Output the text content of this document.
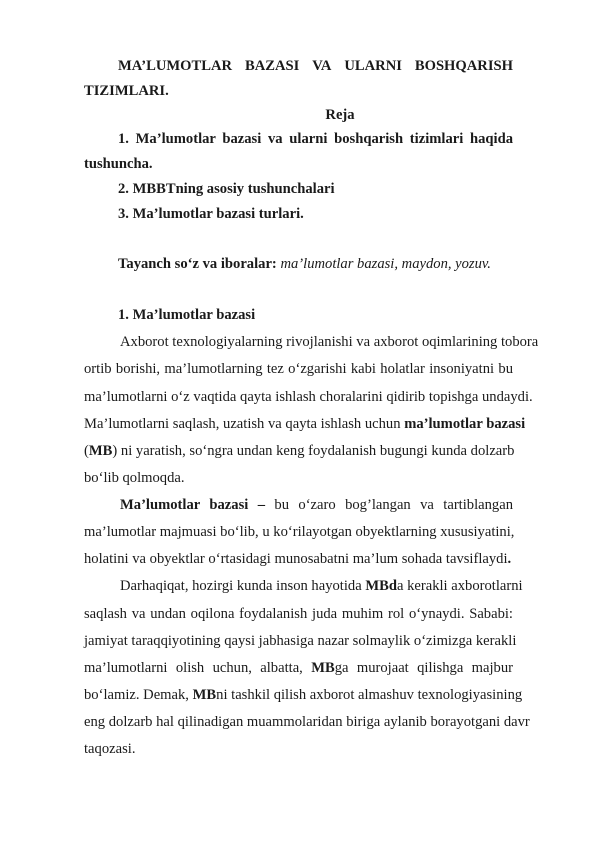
MA’LUMOTLAR BAZASI VA ULARNI BOSHQARISH
TIZIMLARI.
Reja
1. Ma’lumotlar bazasi va ularni boshqarish tizimlari haqida
tushuncha.
2. MBBTning asosiy tushunchalari
3. Ma’lumotlar bazasi turlari.
Tayanch so‘z va iboralar: ma’lumotlar bazasi, maydon, yozuv.
1. Ma’lumotlar bazasi
Axborot texnologiyalarning rivojlanishi va axborot oqimlarining tobora
ortib borishi, ma’lumotlarning tez o‘zgarishi kabi holatlar insoniyatni bu
ma’lumotlarni o‘z vaqtida qayta ishlash choralarini qidirib topishga undaydi.
Ma’lumotlarni saqlash, uzatish va qayta ishlash uchun ma’lumotlar bazasi
(MB) ni yaratish, so‘ngra undan keng foydalanish bugungi kunda dolzarb
bo‘lib qolmoqda.
Ma’lumotlar bazasi – bu o‘zaro bog’langan va tartiblangan
ma’lumotlar majmuasi bo‘lib, u ko‘rilayotgan obyektlarning xususiyatini,
holatini va obyektlar o‘rtasidagi munosabatni ma’lum sohada tavsiflaydi.
Darhaqiqat, hozirgi kunda inson hayotida MBda kerakli axborotlarni
saqlash va undan oqilona foydalanish juda muhim rol o‘ynaydi. Sababi:
jamiyat taraqqiyotining qaysi jabhasiga nazar solmaylik o‘zimizga kerakli
ma’lumotlarni olish uchun, albatta, MBga murojaat qilishga majbur
bo‘lamiz. Demak, MBni tashkil qilish axborot almashuv texnologiyasining
eng dolzarb hal qilinadigan muammolaridan biriga aylanib borayotgani davr
taqozasi.
